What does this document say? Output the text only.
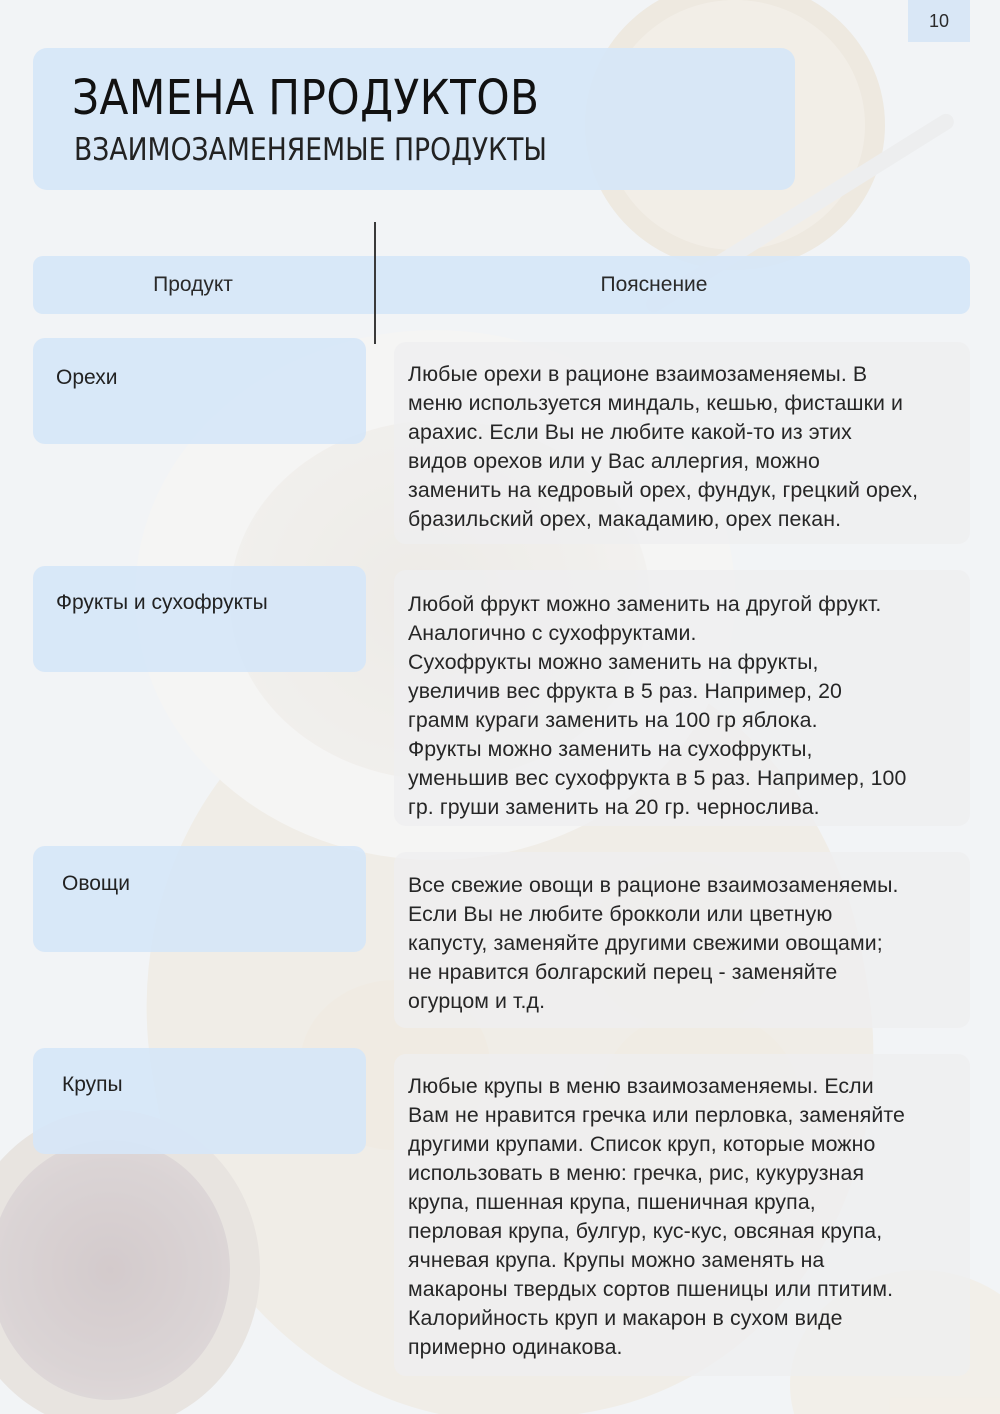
10
ЗАМЕНА ПРОДУКТОВ
ВЗАИМОЗАМЕНЯЕМЫЕ ПРОДУКТЫ
Продукт	Пояснение
Орехи	Любые орехи в рационе взаимозаменяемы. В
меню используется миндаль, кешью, фисташки и
арахис. Если Вы не любите какой-то из этих
видов орехов или у Вас аллергия, можно
заменить на кедровый орех, фундук, грецкий орех,
бразильский орех, макадамию, орех пекан.
Фрукты и сухофрукты	Любой фрукт можно заменить на другой фрукт.
Аналогично с сухофруктами.
Сухофрукты можно заменить на фрукты,
увеличив вес фрукта в 5 раз. Например, 20
грамм кураги заменить на 100 гр яблока.
Фрукты можно заменить на сухофрукты,
уменьшив вес сухофрукта в 5 раз. Например, 100
гр. груши заменить на 20 гр. чернослива.
Овощи	Все свежие овощи в рационе взаимозаменяемы.
Если Вы не любите брокколи или цветную
капусту, заменяйте другими свежими овощами;
не нравится болгарский перец - заменяйте
огурцом и т.д.
Крупы	Любые крупы в меню взаимозаменяемы. Если
Вам не нравится гречка или перловка, заменяйте
другими крупами. Список круп, которые можно
использовать в меню: гречка, рис, кукурузная
крупа, пшенная крупа, пшеничная крупа,
перловая крупа, булгур, кус-кус, овсяная крупа,
ячневая крупа. Крупы можно заменять на
макароны твердых сортов пшеницы или птитим.
Калорийность круп и макарон в сухом виде
примерно одинакова.
